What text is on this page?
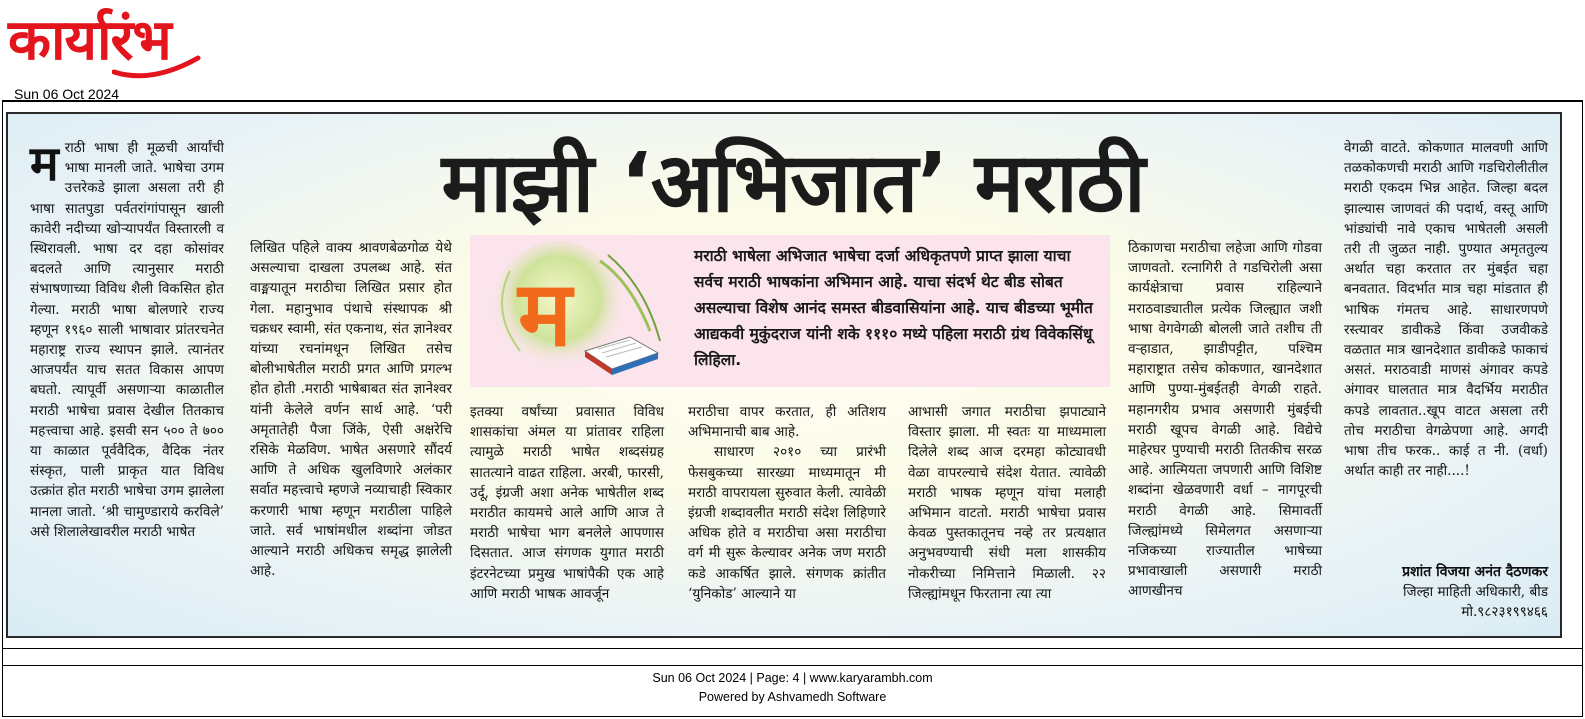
कार्यारंभ
Sun 06 Oct 2024
म राठी भाषा ही मूळची आर्यांची भाषा मानली जाते. भाषेचा उगम उत्तरेकडे झाला असला तरी ही भाषा सातपुडा पर्वतरांगांपासून खाली कावेरी नदीच्या खोऱ्यापर्यंत विस्तारली व स्थिरावली. भाषा दर दहा कोसांवर बदलते आणि त्यानुसार मराठी संभाषणाच्या विविध शैली विकसित होत गेल्या. मराठी भाषा बोलणारे राज्य म्हणून १९६० साली भाषावार प्रांतरचनेत महाराष्ट्र राज्य स्थापन झाले. त्यानंतर आजपर्यंत याच सतत विकास आपण बघतो. त्यापूर्वी असणाऱ्या काळातील मराठी भाषेचा प्रवास देखील तितकाच महत्त्वाचा आहे. इसवी सन ५०० ते ७०० या काळात पूर्ववैदिक, वैदिक नंतर संस्कृत, पाली प्राकृत यात विविध उत्क्रांत होत मराठी भाषेचा उगम झालेला मानला जातो. ‘श्री चामुण्डाराये करविले’ असे शिलालेखावरील मराठी भाषेत

माझी ‘अभिजात’ मराठी

लिखित पहिले वाक्य श्रावणबेळगोळ येथे असल्याचा दाखला उपलब्ध आहे. संत वाङ्मयातून मराठीचा लिखित प्रसार होत गेला. महानुभाव पंथाचे संस्थापक श्री चक्रधर स्वामी, संत एकनाथ, संत ज्ञानेश्वर यांच्या रचनांमधून लिखित तसेच बोलीभाषेतील मराठी प्रगत आणि प्रगल्भ होत होती .मराठी भाषेबाबत संत ज्ञानेश्वर यांनी केलेले वर्णन सार्थ आहे. ‘परी अमृतातेही पैजा जिंके, ऐसी अक्षरेचि रसिके मेळविण. भाषेत असणारे सौंदर्य आणि ते अधिक खुलविणारे अलंकार सर्वात महत्त्वाचे म्हणजे नव्याचाही स्विकार करणारी भाषा म्हणून मराठीला पाहिले जाते. सर्व भाषांमधील शब्दांना जोडत आल्याने मराठी अधिकच समृद्ध झालेली आहे.

म
मराठी भाषेला अभिजात भाषेचा दर्जा अधिकृतपणे प्राप्त झाला याचा सर्वच मराठी भाषकांना अभिमान आहे. याचा संदर्भ थेट बीड सोबत असल्याचा विशेष आनंद समस्त बीडवासियांना आहे. याच बीडच्या भूमीत आद्यकवी मुकुंदराज यांनी शके १११० मध्ये पहिला मराठी ग्रंथ विवेकसिंधू लिहिला.

इतक्या वर्षांच्या प्रवासात विविध शासकांचा अंमल या प्रांतावर राहिला त्यामुळे मराठी भाषेत शब्दसंग्रह सातत्याने वाढत राहिला. अरबी, फारसी, उर्दू, इंग्रजी अशा अनेक भाषेतील शब्द मराठीत कायमचे आले आणि आज ते मराठी भाषेचा भाग बनलेले आपणास दिसतात. आज संगणक युगात मराठी इंटरनेटच्या प्रमुख भाषांपैकी एक आहे आणि मराठी भाषक आवर्जून

मराठीचा वापर करतात, ही अतिशय अभिमानाची बाब आहे.

साधारण २०१० च्या प्रारंभी फेसबुकच्या सारख्या माध्यमातून मी मराठी वापरायला सुरुवात केली. त्यावेळी इंग्रजी शब्दावलीत मराठी संदेश लिहिणारे अधिक होते व मराठीचा असा मराठीचा वर्ग मी सुरू केल्यावर अनेक जण मराठी कडे आकर्षित झाले. संगणक क्रांतीत ‘युनिकोड’ आल्याने या

आभासी जगात मराठीचा झपाट्याने विस्तार झाला. मी स्वतः या माध्यमाला दिलेले शब्द आज दरमहा कोट्यावधी वेळा वापरल्याचे संदेश येतात. त्यावेळी मराठी भाषक म्हणून यांचा मलाही अभिमान वाटतो. मराठी भाषेचा प्रवास केवळ पुस्तकातूनच नव्हे तर प्रत्यक्षात अनुभवण्याची संधी मला शासकीय नोकरीच्या निमित्ताने मिळाली. २२ जिल्ह्यांमधून फिरताना त्या त्या

ठिकाणचा मराठीचा लहेजा आणि गोडवा जाणवतो. रत्नागिरी ते गडचिरोली असा कार्यक्षेत्राचा प्रवास राहिल्याने मराठवाड्यातील प्रत्येक जिल्ह्यात जशी भाषा वेगवेगळी बोलली जाते तशीच ती वऱ्हाडात, झाडीपट्टीत, पश्चिम महाराष्ट्रात तसेच कोकणात, खानदेशात आणि पुण्या-मुंबईतही वेगळी राहते. महानगरीय प्रभाव असणारी मुंबईची मराठी खूपच वेगळी आहे. विद्येचे माहेरघर पुण्याची मराठी तितकीच सरळ आहे. आत्मियता जपणारी आणि विशिष्ट शब्दांना खेळवणारी वर्धा – नागपूरची मराठी वेगळी आहे. सिमावर्ती जिल्ह्यांमध्ये सिमेलगत असणाऱ्या नजिकच्या राज्यातील भाषेच्या प्रभावाखाली असणारी मराठी आणखीनच

वेगळी वाटते. कोकणात मालवणी आणि तळकोकणची मराठी आणि गडचिरोलीतील मराठी एकदम भिन्न आहेत. जिल्हा बदल झाल्यास जाणवतं की पदार्थ, वस्तू आणि भांड्यांची नावे एकाच भाषेतली असली तरी ती जुळत नाही. पुण्यात अमृततुल्य अर्थात चहा करतात तर मुंबईत चहा बनवतात. विदर्भात मात्र चहा मांडतात ही भाषिक गंमतच आहे. साधारणपणे रस्त्यावर डावीकडे किंवा उजवीकडे वळतात मात्र खानदेशात डावीकडे फाकाचं असतं. मराठवाडी माणसं अंगावर कपडे अंगावर घालतात मात्र वैदर्भिय मराठीत कपडे लावतात..खूप वाटत असला तरी तोच मराठीचा वेगळेपणा आहे. अगदी भाषा तीच फरक.. काई त नी. (वर्धा) अर्थात काही तर नाही....!

प्रशांत विजया अनंत दैठणकर
जिल्हा माहिती अधिकारी, बीड
मो.९८२३१९९४६६
Sun 06 Oct 2024 | Page: 4 | www.karyarambh.com
Powered by Ashvamedh Software
